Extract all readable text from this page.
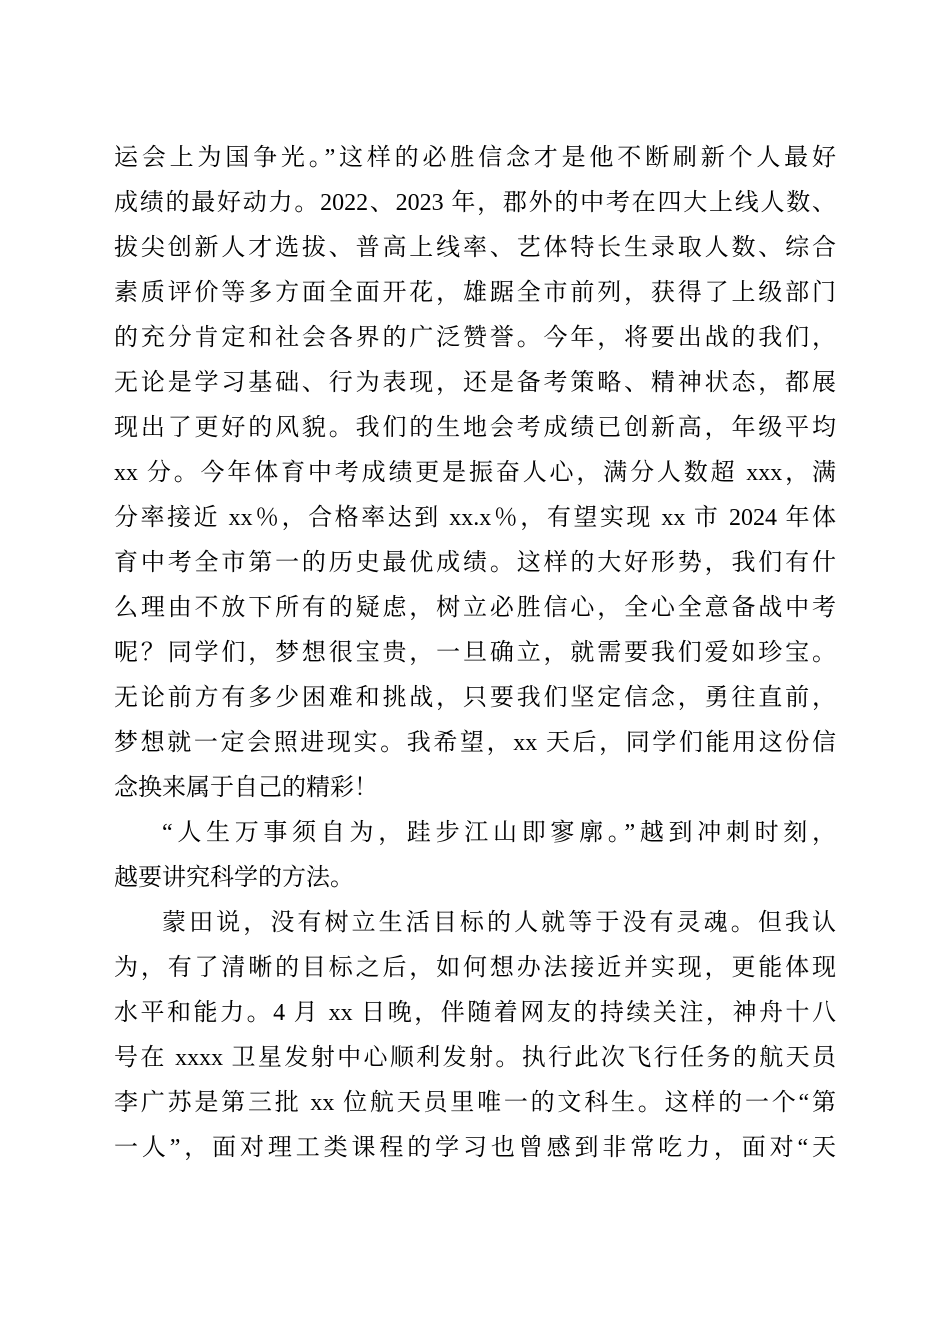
运会上为国争光。”这样的必胜信念才是他不断刷新个人最好
成绩的最好动力。2022、2023 年，郡外的中考在四大上线人数、
拔尖创新人才选拔、普高上线率、艺体特长生录取人数、综合
素质评价等多方面全面开花，雄踞全市前列，获得了上级部门
的充分肯定和社会各界的广泛赞誉。今年，将要出战的我们，
无论是学习基础、行为表现，还是备考策略、精神状态，都展
现出了更好的风貌。我们的生地会考成绩已创新高，年级平均
xx 分。今年体育中考成绩更是振奋人心，满分人数超 xxx，满
分率接近 xx％，合格率达到 xx.x％，有望实现 xx 市 2024 年体
育中考全市第一的历史最优成绩。这样的大好形势，我们有什
么理由不放下所有的疑虑，树立必胜信心，全心全意备战中考
呢？同学们，梦想很宝贵，一旦确立，就需要我们爱如珍宝。
无论前方有多少困难和挑战，只要我们坚定信念，勇往直前，
梦想就一定会照进现实。我希望，xx 天后，同学们能用这份信
念换来属于自己的精彩！
“人生万事须自为，跬步江山即寥廓。”越到冲刺时刻，
越要讲究科学的方法。
蒙田说，没有树立生活目标的人就等于没有灵魂。但我认
为，有了清晰的目标之后，如何想办法接近并实现，更能体现
水平和能力。4 月 xx 日晚，伴随着网友的持续关注，神舟十八
号在 xxxx 卫星发射中心顺利发射。执行此次飞行任务的航天员
李广苏是第三批 xx 位航天员里唯一的文科生。这样的一个“第
一人”，面对理工类课程的学习也曾感到非常吃力，面对“天
